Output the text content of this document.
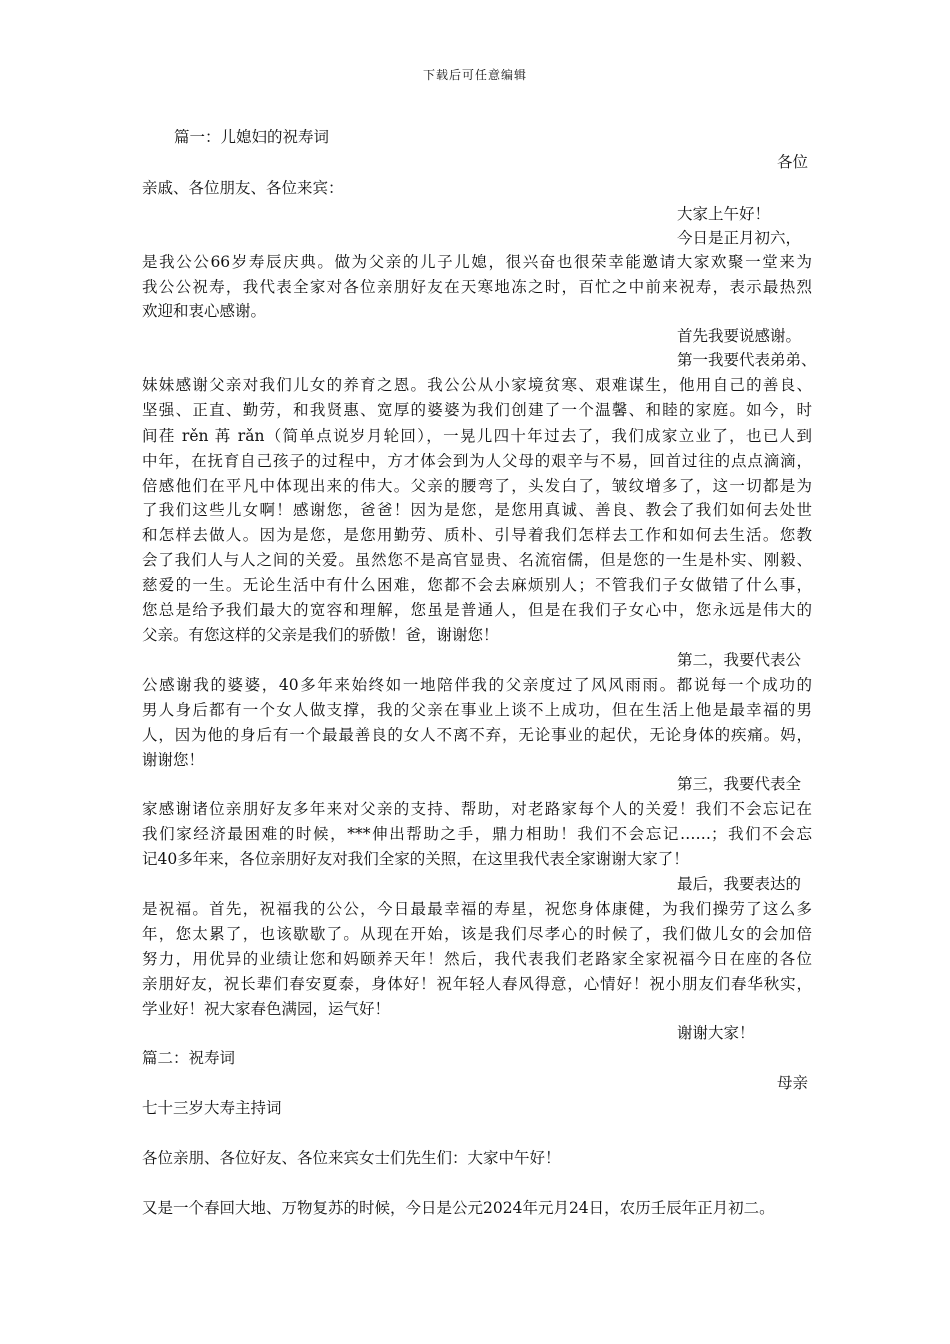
下载后可任意编辑
篇一：儿媳妇的祝寿词
各位
亲戚、各位朋友、各位来宾：
大家上午好！
今日是正月初六，
是我公公66岁寿辰庆典。做为父亲的儿子儿媳，很兴奋也很荣幸能邀请大家欢聚一堂来为
我公公祝寿，我代表全家对各位亲朋好友在天寒地冻之时，百忙之中前来祝寿，表示最热烈
欢迎和衷心感谢。
首先我要说感谢。
第一我要代表弟弟、
妹妹感谢父亲对我们儿女的养育之恩。我公公从小家境贫寒、艰难谋生，他用自己的善良、
坚强、正直、勤劳，和我贤惠、宽厚的婆婆为我们创建了一个温馨、和睦的家庭。如今，时
间荏 rěn 苒 rǎn（简单点说岁月轮回），一晃儿四十年过去了，我们成家立业了，也已人到
中年，在抚育自己孩子的过程中，方才体会到为人父母的艰辛与不易，回首过往的点点滴滴，
倍感他们在平凡中体现出来的伟大。父亲的腰弯了，头发白了，皱纹增多了，这一切都是为
了我们这些儿女啊！感谢您，爸爸！因为是您，是您用真诚、善良、教会了我们如何去处世
和怎样去做人。因为是您，是您用勤劳、质朴、引导着我们怎样去工作和如何去生活。您教
会了我们人与人之间的关爱。虽然您不是高官显贵、名流宿儒，但是您的一生是朴实、刚毅、
慈爱的一生。无论生活中有什么困难，您都不会去麻烦别人；不管我们子女做错了什么事，
您总是给予我们最大的宽容和理解，您虽是普通人，但是在我们子女心中，您永远是伟大的
父亲。有您这样的父亲是我们的骄傲！爸，谢谢您！
第二，我要代表公
公感谢我的婆婆，40多年来始终如一地陪伴我的父亲度过了风风雨雨。都说每一个成功的
男人身后都有一个女人做支撑，我的父亲在事业上谈不上成功，但在生活上他是最幸福的男
人，因为他的身后有一个最最善良的女人不离不弃，无论事业的起伏，无论身体的疾痛。妈，
谢谢您！
第三，我要代表全
家感谢诸位亲朋好友多年来对父亲的支持、帮助，对老路家每个人的关爱！我们不会忘记在
我们家经济最困难的时候，***伸出帮助之手，鼎力相助！我们不会忘记……；我们不会忘
记40多年来，各位亲朋好友对我们全家的关照，在这里我代表全家谢谢大家了！
最后，我要表达的
是祝福。首先，祝福我的公公，今日最最幸福的寿星，祝您身体康健，为我们操劳了这么多
年，您太累了，也该歇歇了。从现在开始，该是我们尽孝心的时候了，我们做儿女的会加倍
努力，用优异的业绩让您和妈颐养天年！然后，我代表我们老路家全家祝福今日在座的各位
亲朋好友，祝长辈们春安夏泰，身体好！祝年轻人春风得意，心情好！祝小朋友们春华秋实，
学业好！祝大家春色满园，运气好！
谢谢大家！
篇二：祝寿词
母亲
七十三岁大寿主持词
各位亲朋、各位好友、各位来宾女士们先生们：大家中午好！
又是一个春回大地、万物复苏的时候，今日是公元2024年元月24日，农历壬辰年正月初二。
